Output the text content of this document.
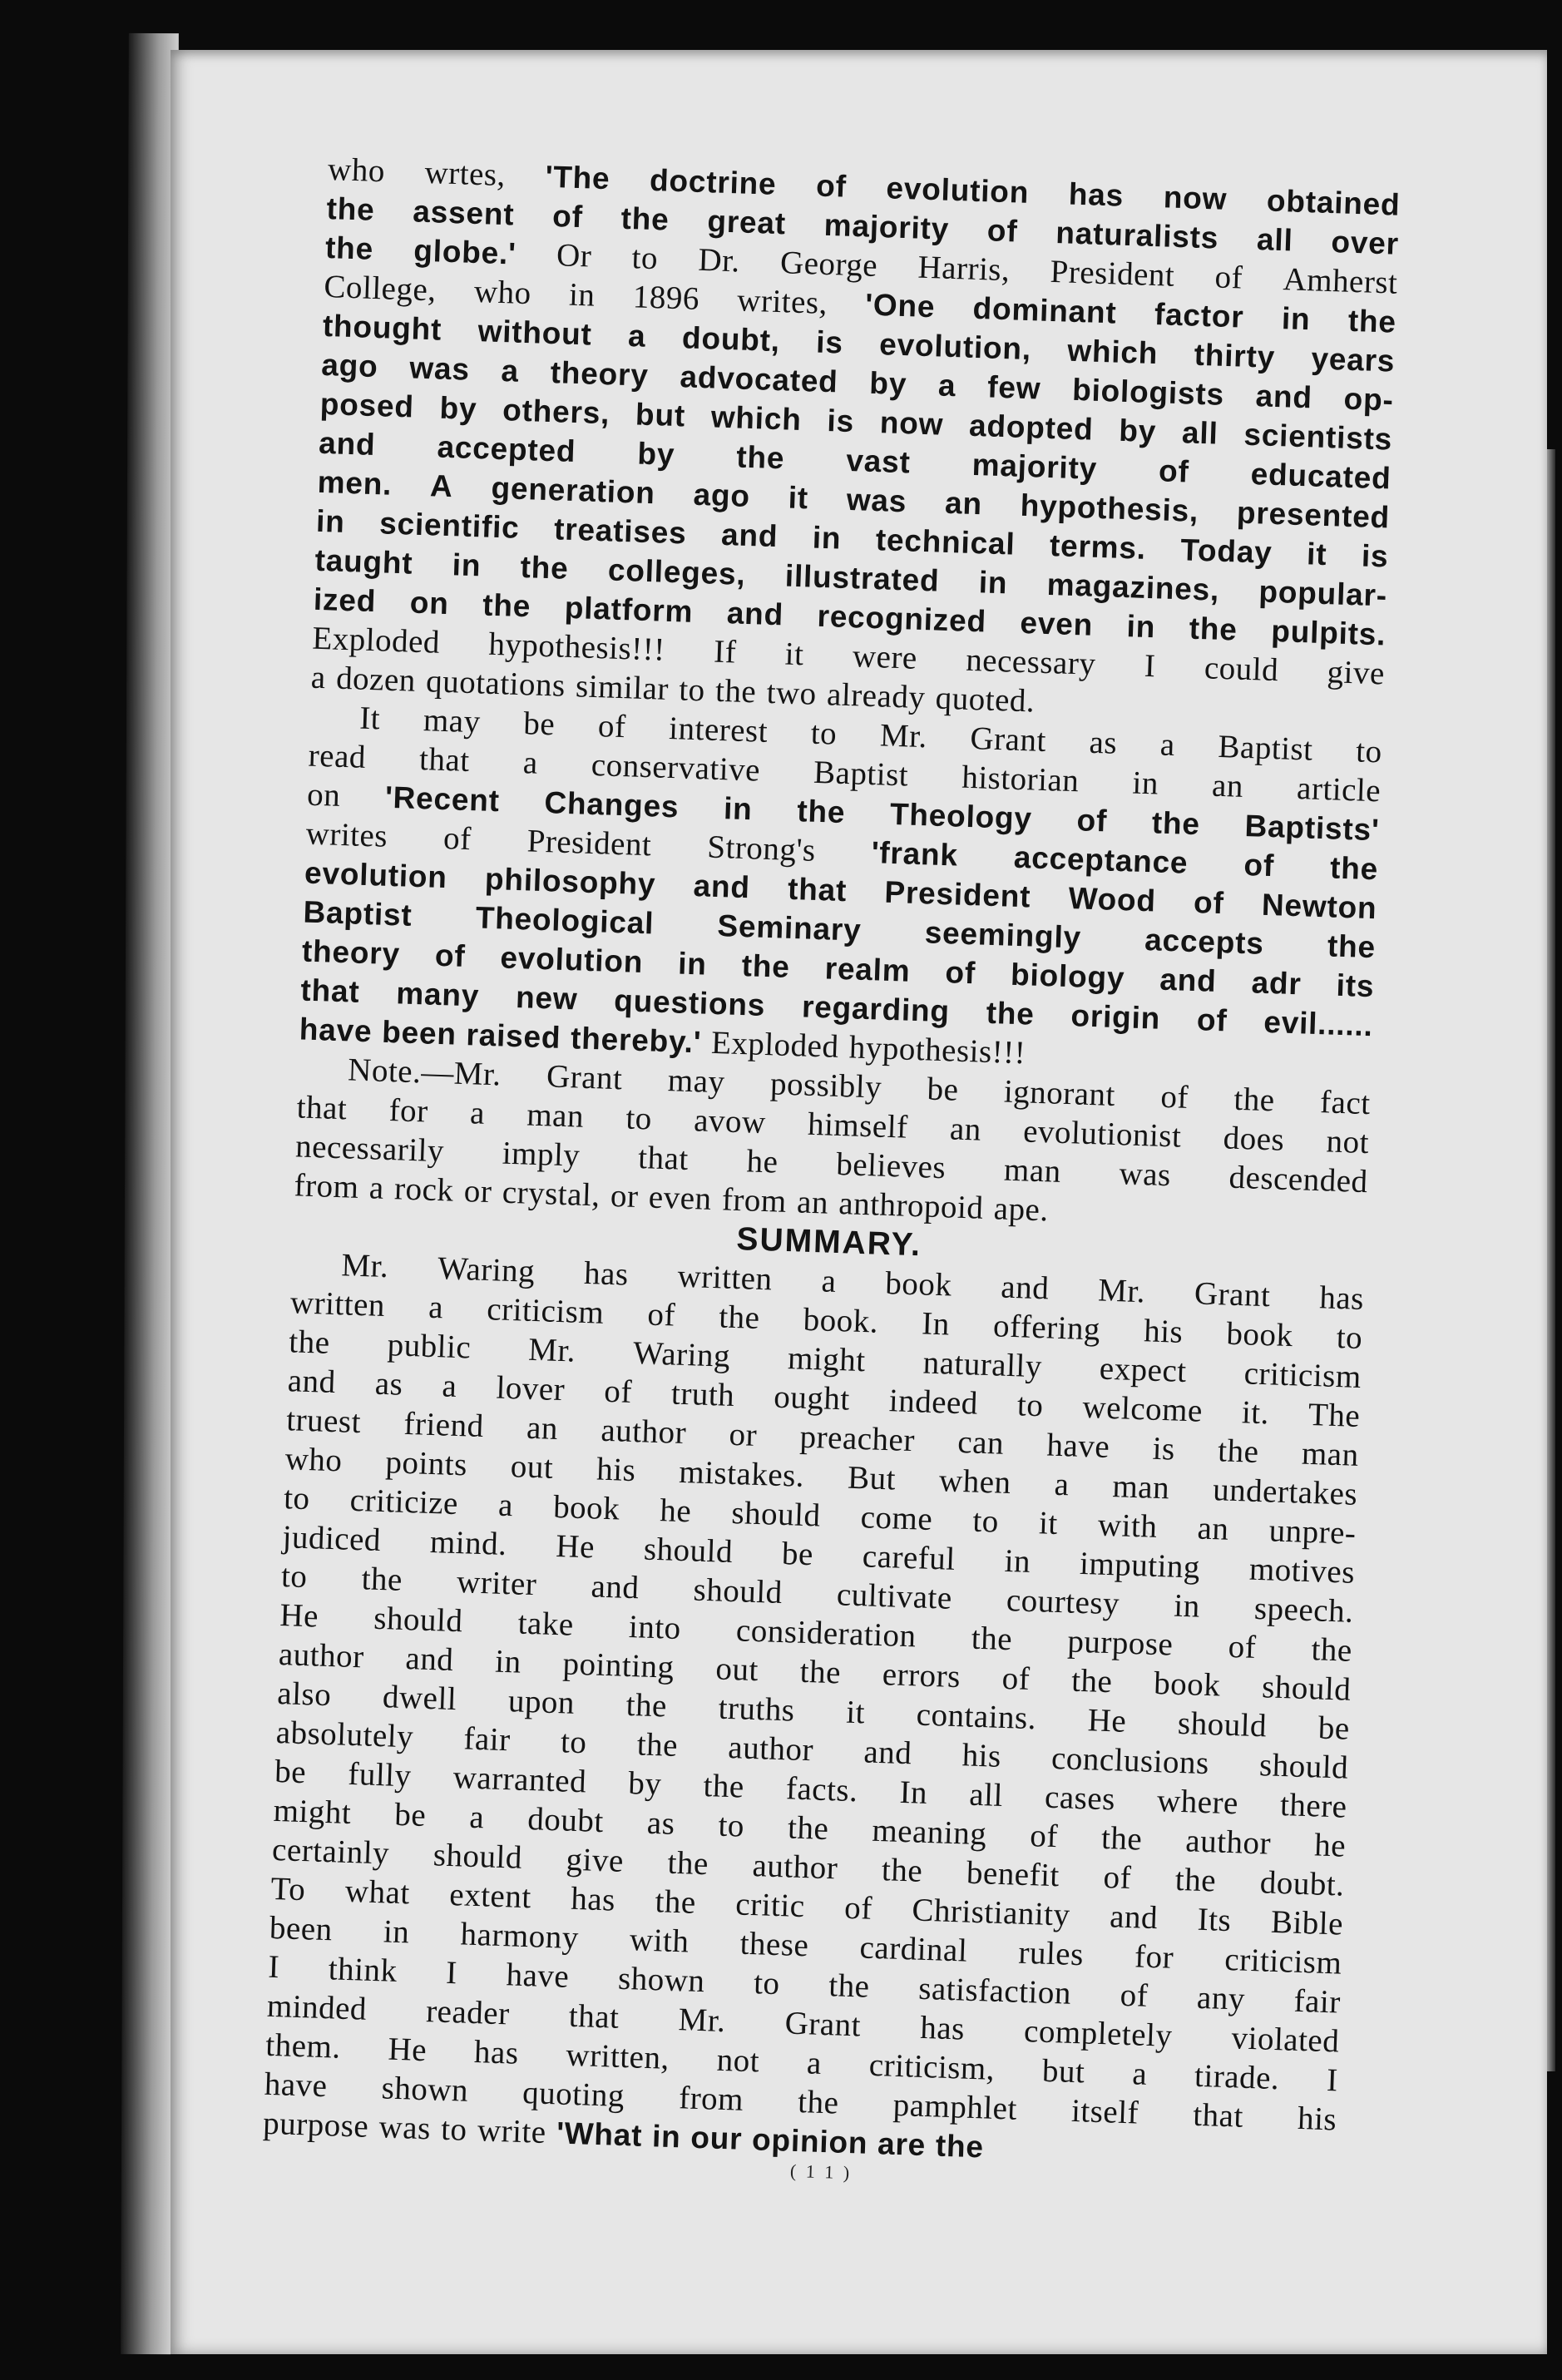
who wrtes, 'The doctrine of evolution has now obtained
the assent of the great majority of naturalists all over
the globe.' Or to Dr. George Harris, President of Amherst
College, who in 1896 writes, 'One dominant factor in the
thought without a doubt, is evolution, which thirty years
ago was a theory advocated by a few biologists and op-
posed by others, but which is now adopted by all scientists
and accepted by the vast majority of educated
men. A generation ago it was an hypothesis, presented
in scientific treatises and in technical terms. Today it is
taught in the colleges, illustrated in magazines, popular-
ized on the platform and recognized even in the pulpits.
Exploded hypothesis!!! If it were necessary I could give
a dozen quotations similar to the two already quoted.
It may be of interest to Mr. Grant as a Baptist to
read that a conservative Baptist historian in an article
on 'Recent Changes in the Theology of the Baptists'
writes of President Strong's 'frank acceptance of the
evolution philosophy and that President Wood of Newton
Baptist Theological Seminary seemingly accepts the
theory of evolution in the realm of biology and adr its
that many new questions regarding the origin of evil......
have been raised thereby.' Exploded hypothesis!!!
Note.—Mr. Grant may possibly be ignorant of the fact
that for a man to avow himself an evolutionist does not
necessarily imply that he believes man was descended
from a rock or crystal, or even from an anthropoid ape.
SUMMARY.
Mr. Waring has written a book and Mr. Grant has
written a criticism of the book. In offering his book to
the public Mr. Waring might naturally expect criticism
and as a lover of truth ought indeed to welcome it. The
truest friend an author or preacher can have is the man
who points out his mistakes. But when a man undertakes
to criticize a book he should come to it with an unpre-
judiced mind. He should be careful in imputing motives
to the writer and should cultivate courtesy in speech.
He should take into consideration the purpose of the
author and in pointing out the errors of the book should
also dwell upon the truths it contains. He should be
absolutely fair to the author and his conclusions should
be fully warranted by the facts. In all cases where there
might be a doubt as to the meaning of the author he
certainly should give the author the benefit of the doubt.
To what extent has the critic of Christianity and Its Bible
been in harmony with these cardinal rules for criticism
I think I have shown to the satisfaction of any fair
minded reader that Mr. Grant has completely violated
them. He has written, not a criticism, but a tirade. I
have shown quoting from the pamphlet itself that his
purpose was to write 'What in our opinion are the
( 1 1 )
